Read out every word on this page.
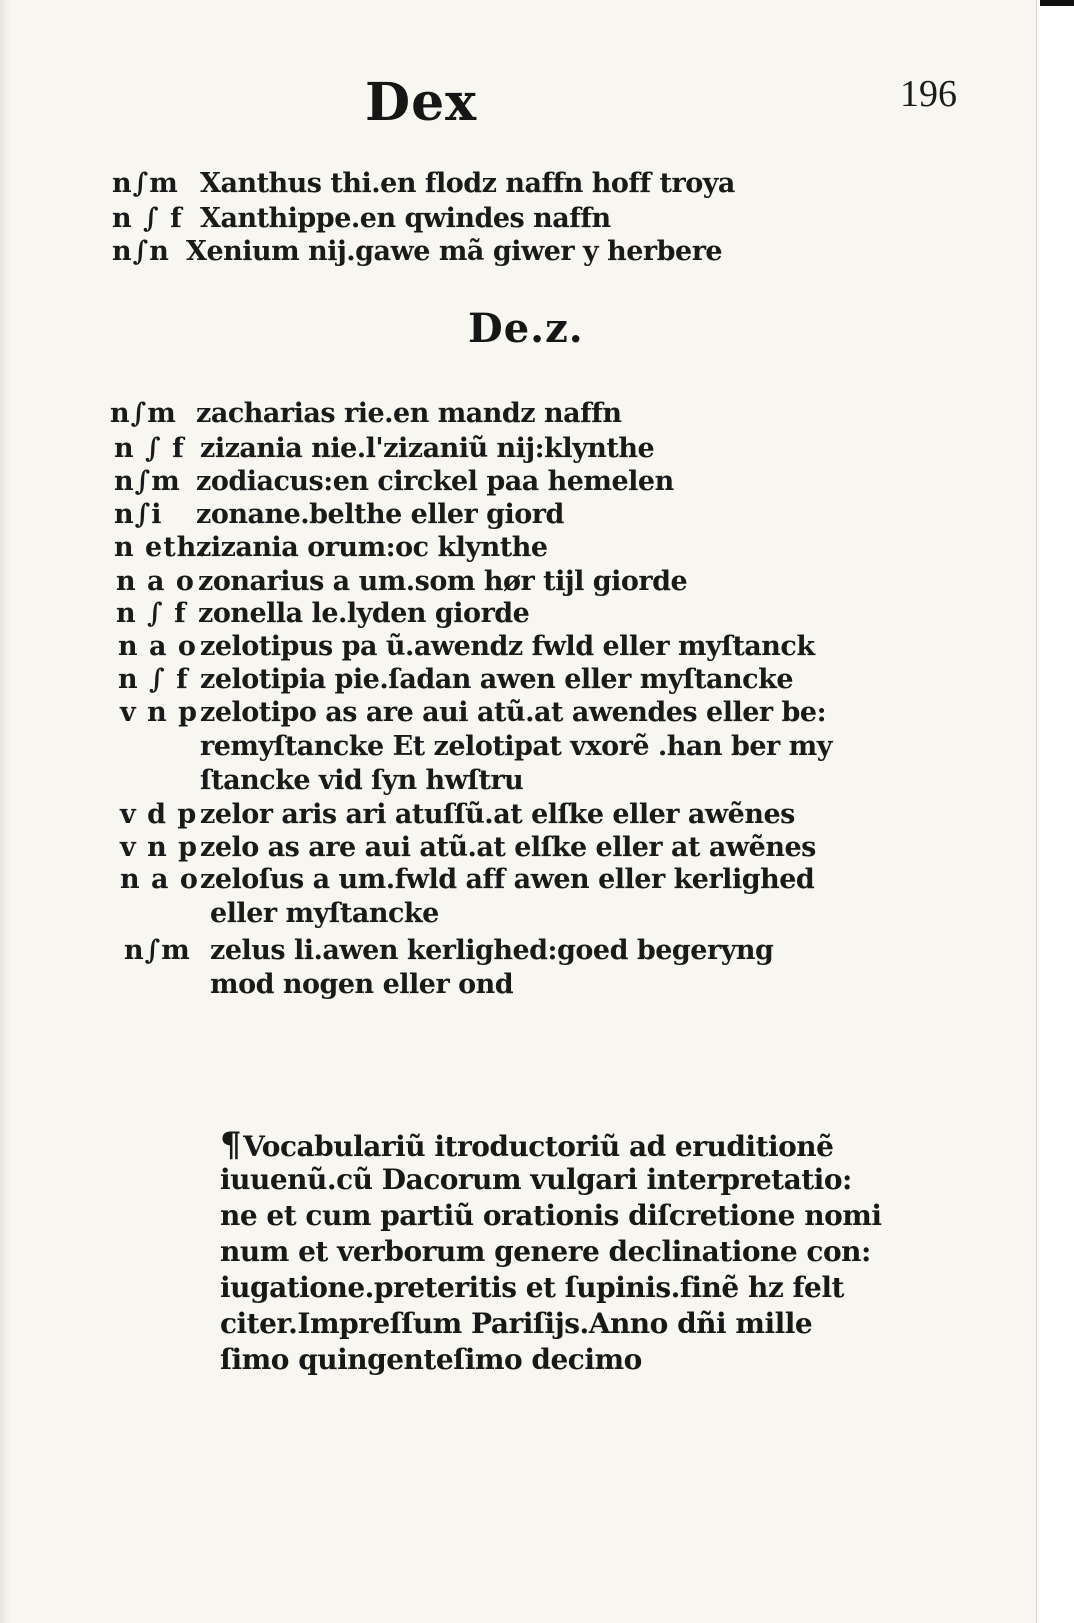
196
Dex
n∫m Xanthus thi.en flodz naffn hoff troya
n ∫ f Xanthippe.en qwindes naffn
n∫n Xenium nij.gawe mã giwer y herbere
De.z.
n∫m zacharias rie.en mandz naffn
n ∫ f zizania nie.l'zizaniũ nij:klynthe
n∫m zodiacus:en circkel paa hemelen
n∫i zonane.belthe eller giord
n eth.
zizania orum:oc klynthe
n a o zonarius a um.som hør tijl giorde
n ∫ f zonella le.lyden giorde
n a o zelotipus pa ũ.awendz fwld eller myſtanck
n ∫ f zelotipia pie.ſadan awen eller myſtancke
v n p zelotipo as are aui atũ.at awendes eller be:
remyſtancke Et zelotipat vxorẽ .han ber my
ſtancke vid ſyn hwſtru
v d p zelor aris ari atuſſũ.at elſke eller awẽnes
v n p zelo as are aui atũ.at elſke eller at awẽnes
n a o zeloſus a um.fwld aff awen eller kerlighed
eller myſtancke
n∫m zelus li.awen kerlighed:goed begeryng
mod nogen eller ond
¶Vocabulariũ itroductoriũ ad eruditionẽ
iuuenũ.cũ Dacorum vulgari interpretatio:
ne et cum partiũ orationis diſcretione nomi
num et verborum genere declinatione con:
iugatione.preteritis et ſupinis.finẽ hz felt
citer.Impreſſum Pariſijs.Anno dñi mille
ſimo quingenteſimo decimo
